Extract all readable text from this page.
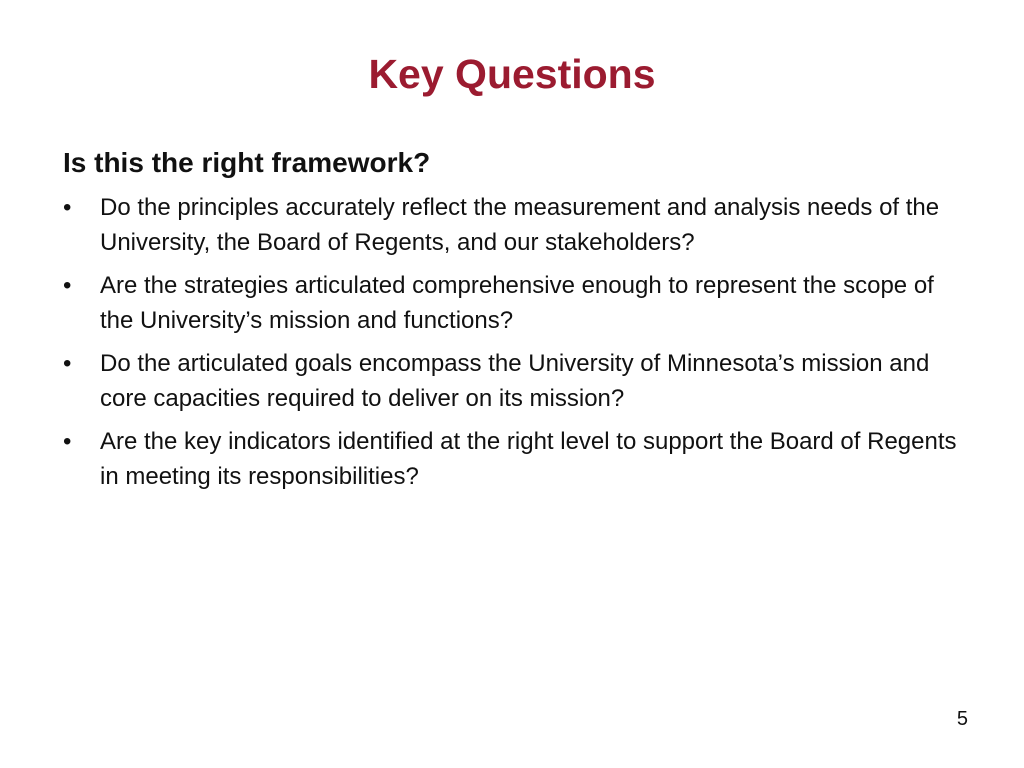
Key Questions
Is this the right framework?
•	Do the principles accurately reflect the measurement and analysis needs of the University, the Board of Regents, and our stakeholders?
•	Are the strategies articulated comprehensive enough to represent the scope of the University’s mission and functions?
•	Do the articulated goals encompass the University of Minnesota’s mission and core capacities required to deliver on its mission?
•	Are the key indicators identified at the right level to support the Board of Regents in meeting its responsibilities?
5
